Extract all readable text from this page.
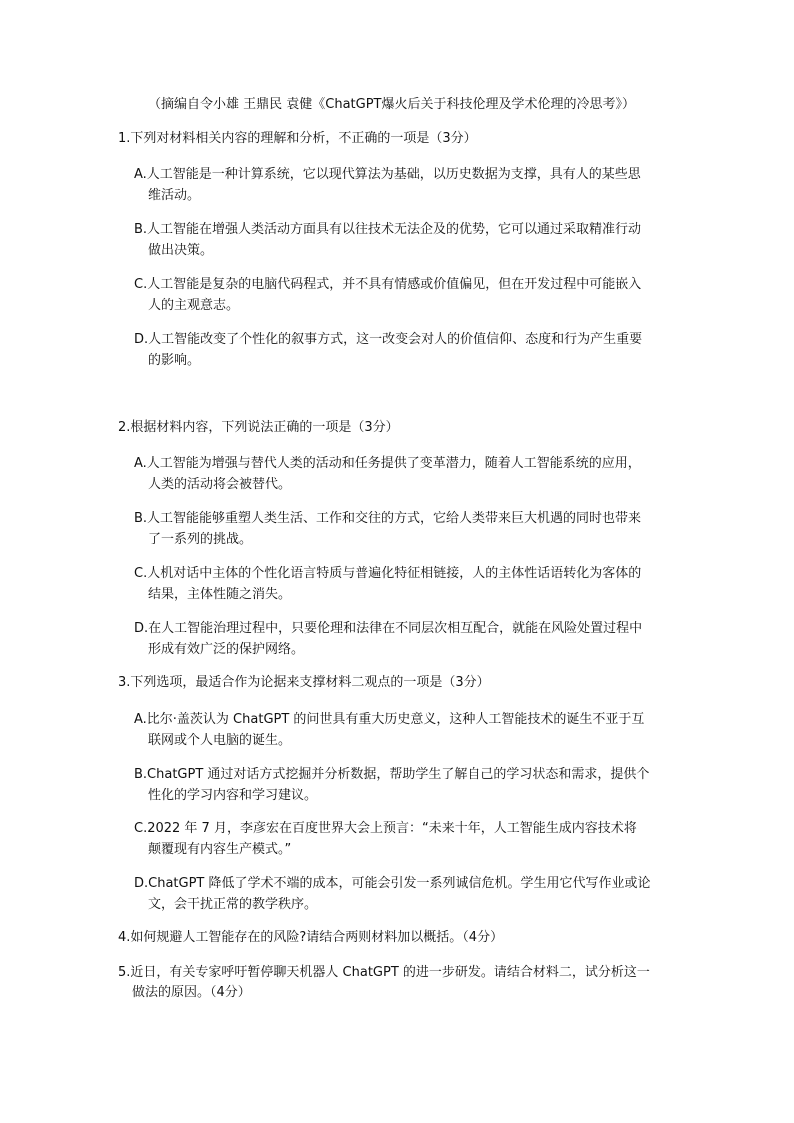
（摘编自令小雄 王鼎民 袁健《ChatGPT爆火后关于科技伦理及学术伦理的冷思考》）
1.下列对材料相关内容的理解和分析，不正确的一项是（3分）
A.人工智能是一种计算系统，它以现代算法为基础，以历史数据为支撑，具有人的某些思
维活动。
B.人工智能在增强人类活动方面具有以往技术无法企及的优势，它可以通过采取精准行动
做出决策。
C.人工智能是复杂的电脑代码程式，并不具有情感或价值偏见，但在开发过程中可能嵌入
人的主观意志。
D.人工智能改变了个性化的叙事方式，这一改变会对人的价值信仰、态度和行为产生重要
的影响。
2.根据材料内容，下列说法正确的一项是（3分）
A.人工智能为增强与替代人类的活动和任务提供了变革潜力，随着人工智能系统的应用，
人类的活动将会被替代。
B.人工智能能够重塑人类生活、工作和交往的方式，它给人类带来巨大机遇的同时也带来
了一系列的挑战。
C.人机对话中主体的个性化语言特质与普遍化特征相链接，人的主体性话语转化为客体的
结果，主体性随之消失。
D.在人工智能治理过程中，只要伦理和法律在不同层次相互配合，就能在风险处置过程中
形成有效广泛的保护网络。
3.下列选项，最适合作为论据来支撑材料二观点的一项是（3分）
A.比尔·盖茨认为 ChatGPT 的问世具有重大历史意义，这种人工智能技术的诞生不亚于互
联网或个人电脑的诞生。
B.ChatGPT 通过对话方式挖掘并分析数据，帮助学生了解自己的学习状态和需求，提供个
性化的学习内容和学习建议。
C.2022 年 7 月，李彦宏在百度世界大会上预言：“未来十年，人工智能生成内容技术将
颠覆现有内容生产模式。”
D.ChatGPT 降低了学术不端的成本，可能会引发一系列诚信危机。学生用它代写作业或论
文，会干扰正常的教学秩序。
4.如何规避人工智能存在的风险?请结合两则材料加以概括。（4分）
5.近日，有关专家呼吁暂停聊天机器人 ChatGPT 的进一步研发。请结合材料二，试分析这一
做法的原因。（4分）
